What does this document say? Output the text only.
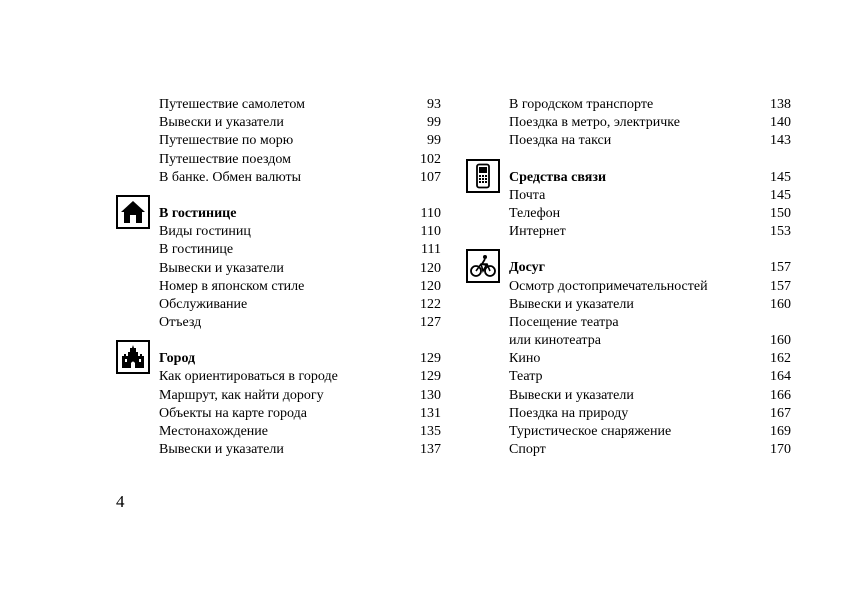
Путешествие самолетом	93
Вывески и указатели	99
Путешествие по морю	99
Путешествие поездом	102
В банке. Обмен валюты	107
В гостинице	110
Виды гостиниц	110
В гостинице	111
Вывески и указатели	120
Номер в японском стиле	120
Обслуживание	122
Отъезд	127
Город	129
Как ориентироваться в городе	129
Маршрут, как найти дорогу	130
Объекты на карте города	131
Местонахождение	135
Вывески и указатели	137
В городском транспорте	138
Поездка в метро, электричке	140
Поездка на такси	143
Средства связи	145
Почта	145
Телефон	150
Интернет	153
Досуг	157
Осмотр достопримечательностей	157
Вывески и указатели	160
Посещение театра
или кинотеатра	160
Кино	162
Театр	164
Вывески и указатели	166
Поездка на природу	167
Туристическое снаряжение	169
Спорт	170
4
